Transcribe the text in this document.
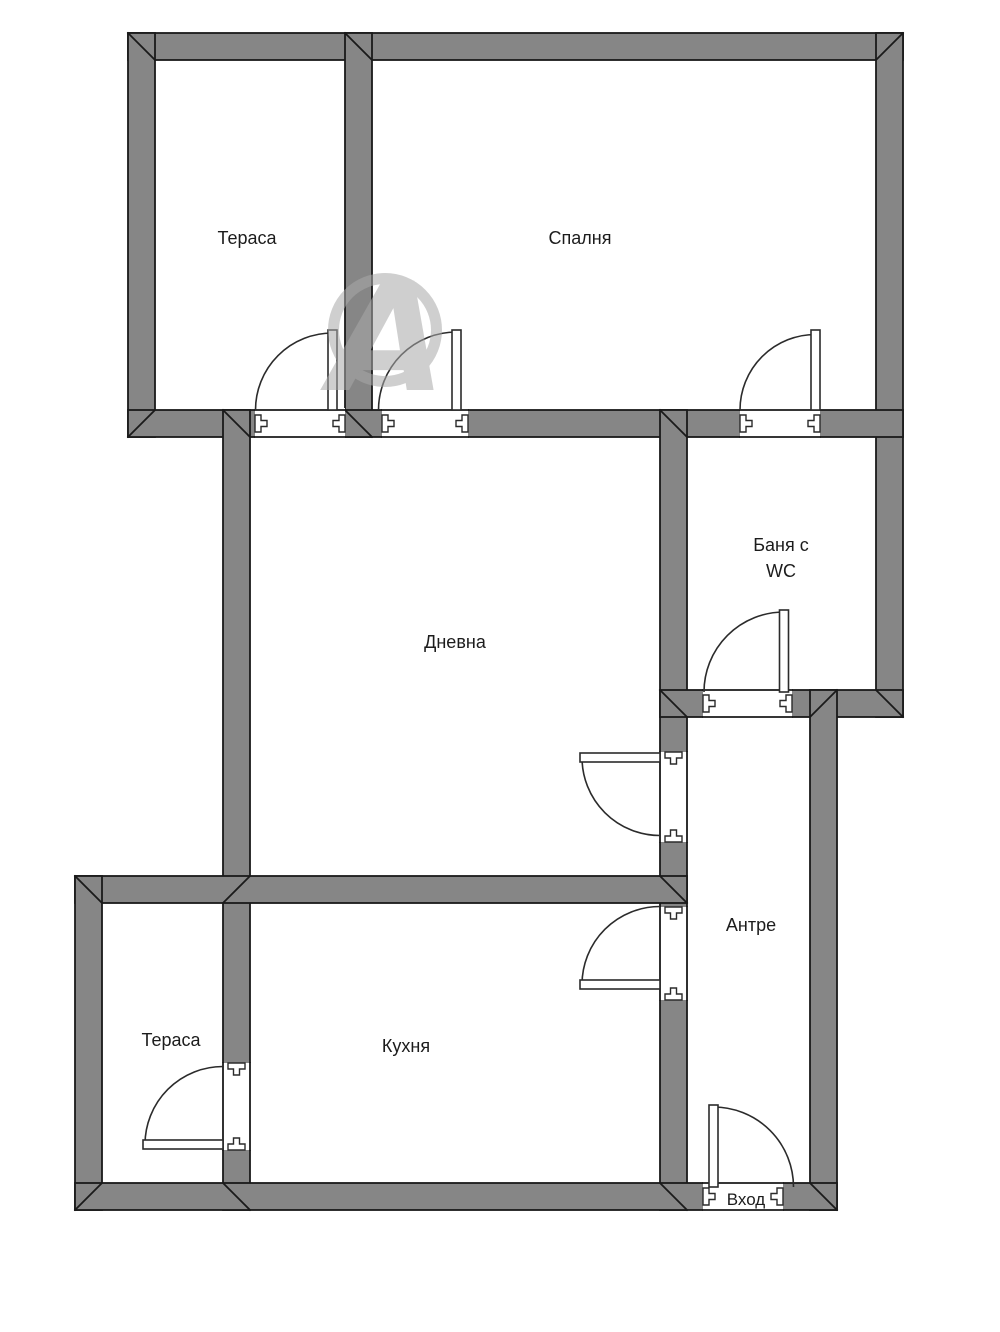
Тераса	Спалня
Дневна
Баня с
WC
Антре
Кухня
Тераса
Вход
A
